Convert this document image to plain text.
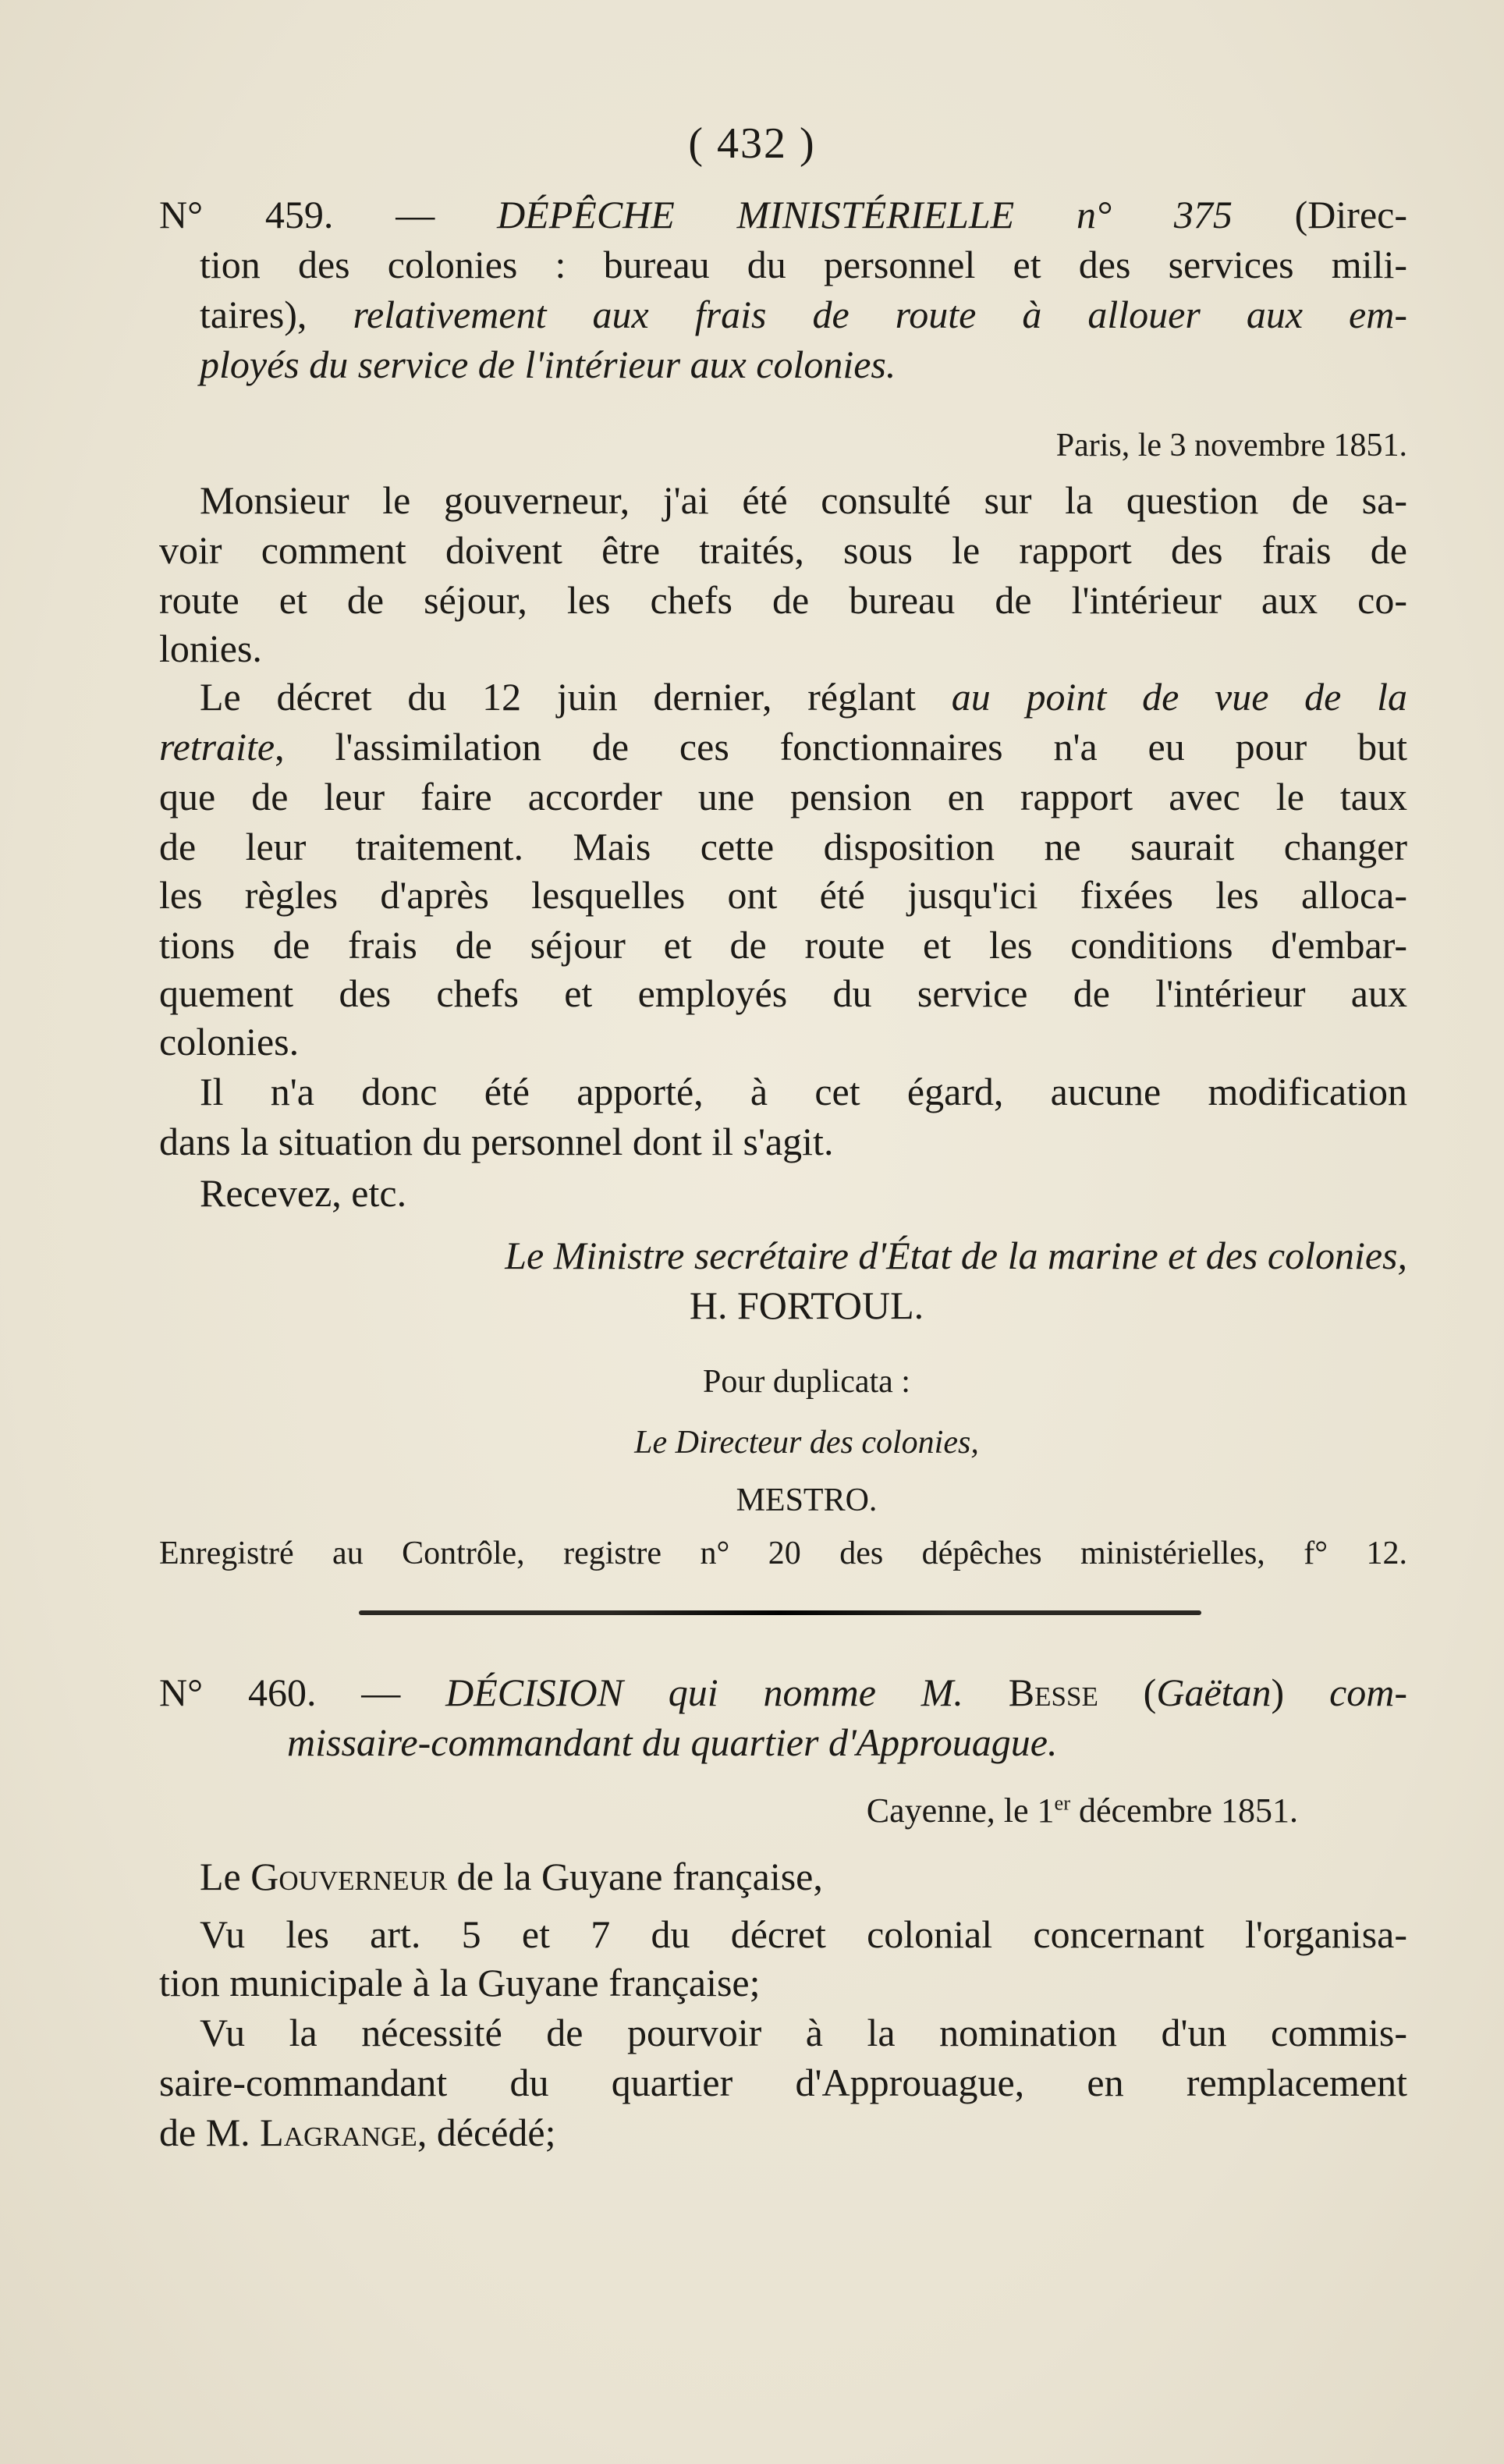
( 432 )
N° 459. — DÉPÊCHE MINISTÉRIELLE n° 375 (Direc-
tion des colonies : bureau du personnel et des services mili-
taires), relativement aux frais de route à allouer aux em-
ployés du service de l'intérieur aux colonies.
Paris, le 3 novembre 1851.
Monsieur le gouverneur, j'ai été consulté sur la question de sa-
voir comment doivent être traités, sous le rapport des frais de
route et de séjour, les chefs de bureau de l'intérieur aux co-
lonies.
Le décret du 12 juin dernier, réglant au point de vue de la
retraite, l'assimilation de ces fonctionnaires n'a eu pour but
que de leur faire accorder une pension en rapport avec le taux
de leur traitement. Mais cette disposition ne saurait changer
les règles d'après lesquelles ont été jusqu'ici fixées les alloca-
tions de frais de séjour et de route et les conditions d'embar-
quement des chefs et employés du service de l'intérieur aux
colonies.
Il n'a donc été apporté, à cet égard, aucune modification
dans la situation du personnel dont il s'agit.
Recevez, etc.
Le Ministre secrétaire d'État de la marine et des colonies,
H. FORTOUL.
Pour duplicata :
Le Directeur des colonies,
MESTRO.
Enregistré au Contrôle, registre n° 20 des dépêches ministérielles, f° 12.
N° 460. — DÉCISION qui nomme M. Besse (Gaëtan) com-
missaire-commandant du quartier d'Approuague.
Cayenne, le 1er décembre 1851.
Le Gouverneur de la Guyane française,
Vu les art. 5 et 7 du décret colonial concernant l'organisa-
tion municipale à la Guyane française;
Vu la nécessité de pourvoir à la nomination d'un commis-
saire-commandant du quartier d'Approuague, en remplacement
de M. Lagrange, décédé;
